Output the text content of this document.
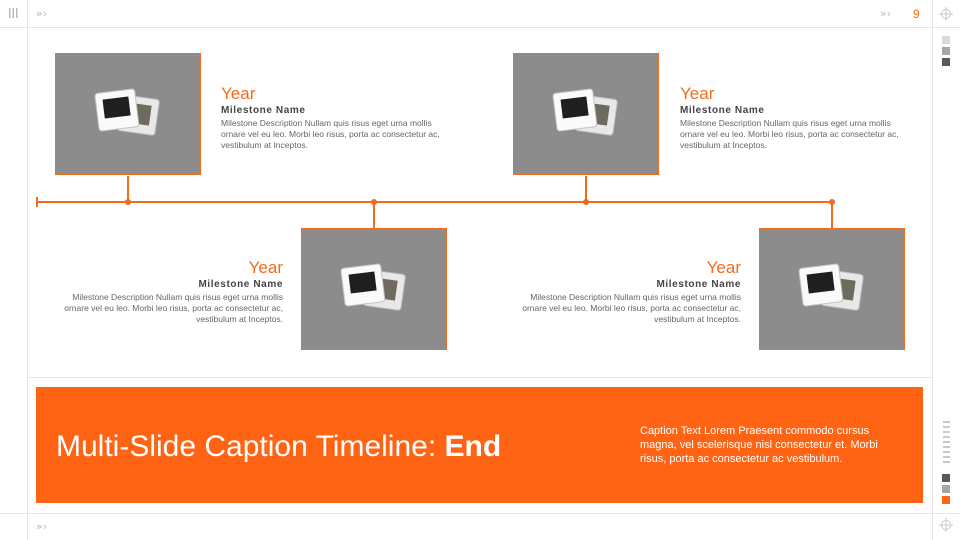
»›	»› 9
»›
Year
Milestone Name
Milestone Description Nullam quis risus eget urna mollis ornare vel eu leo. Morbi leo risus, porta ac consectetur ac, vestibulum at Inceptos.
Year
Milestone Name
Milestone Description Nullam quis risus eget urna mollis ornare vel eu leo. Morbi leo risus, porta ac consectetur ac, vestibulum at Inceptos.
Year
Milestone Name
Milestone Description Nullam quis risus eget urna mollis ornare vel eu leo. Morbi leo risus, porta ac consectetur ac, vestibulum at Inceptos.
Year
Milestone Name
Milestone Description Nullam quis risus eget urna mollis ornare vel eu leo. Morbi leo risus, porta ac consectetur ac, vestibulum at Inceptos.
Multi-Slide Caption Timeline: End	Caption Text Lorem Praesent commodo cursus magna, vel scelerisque nisl consectetur et. Morbi risus, porta ac consectetur ac vestibulum.
